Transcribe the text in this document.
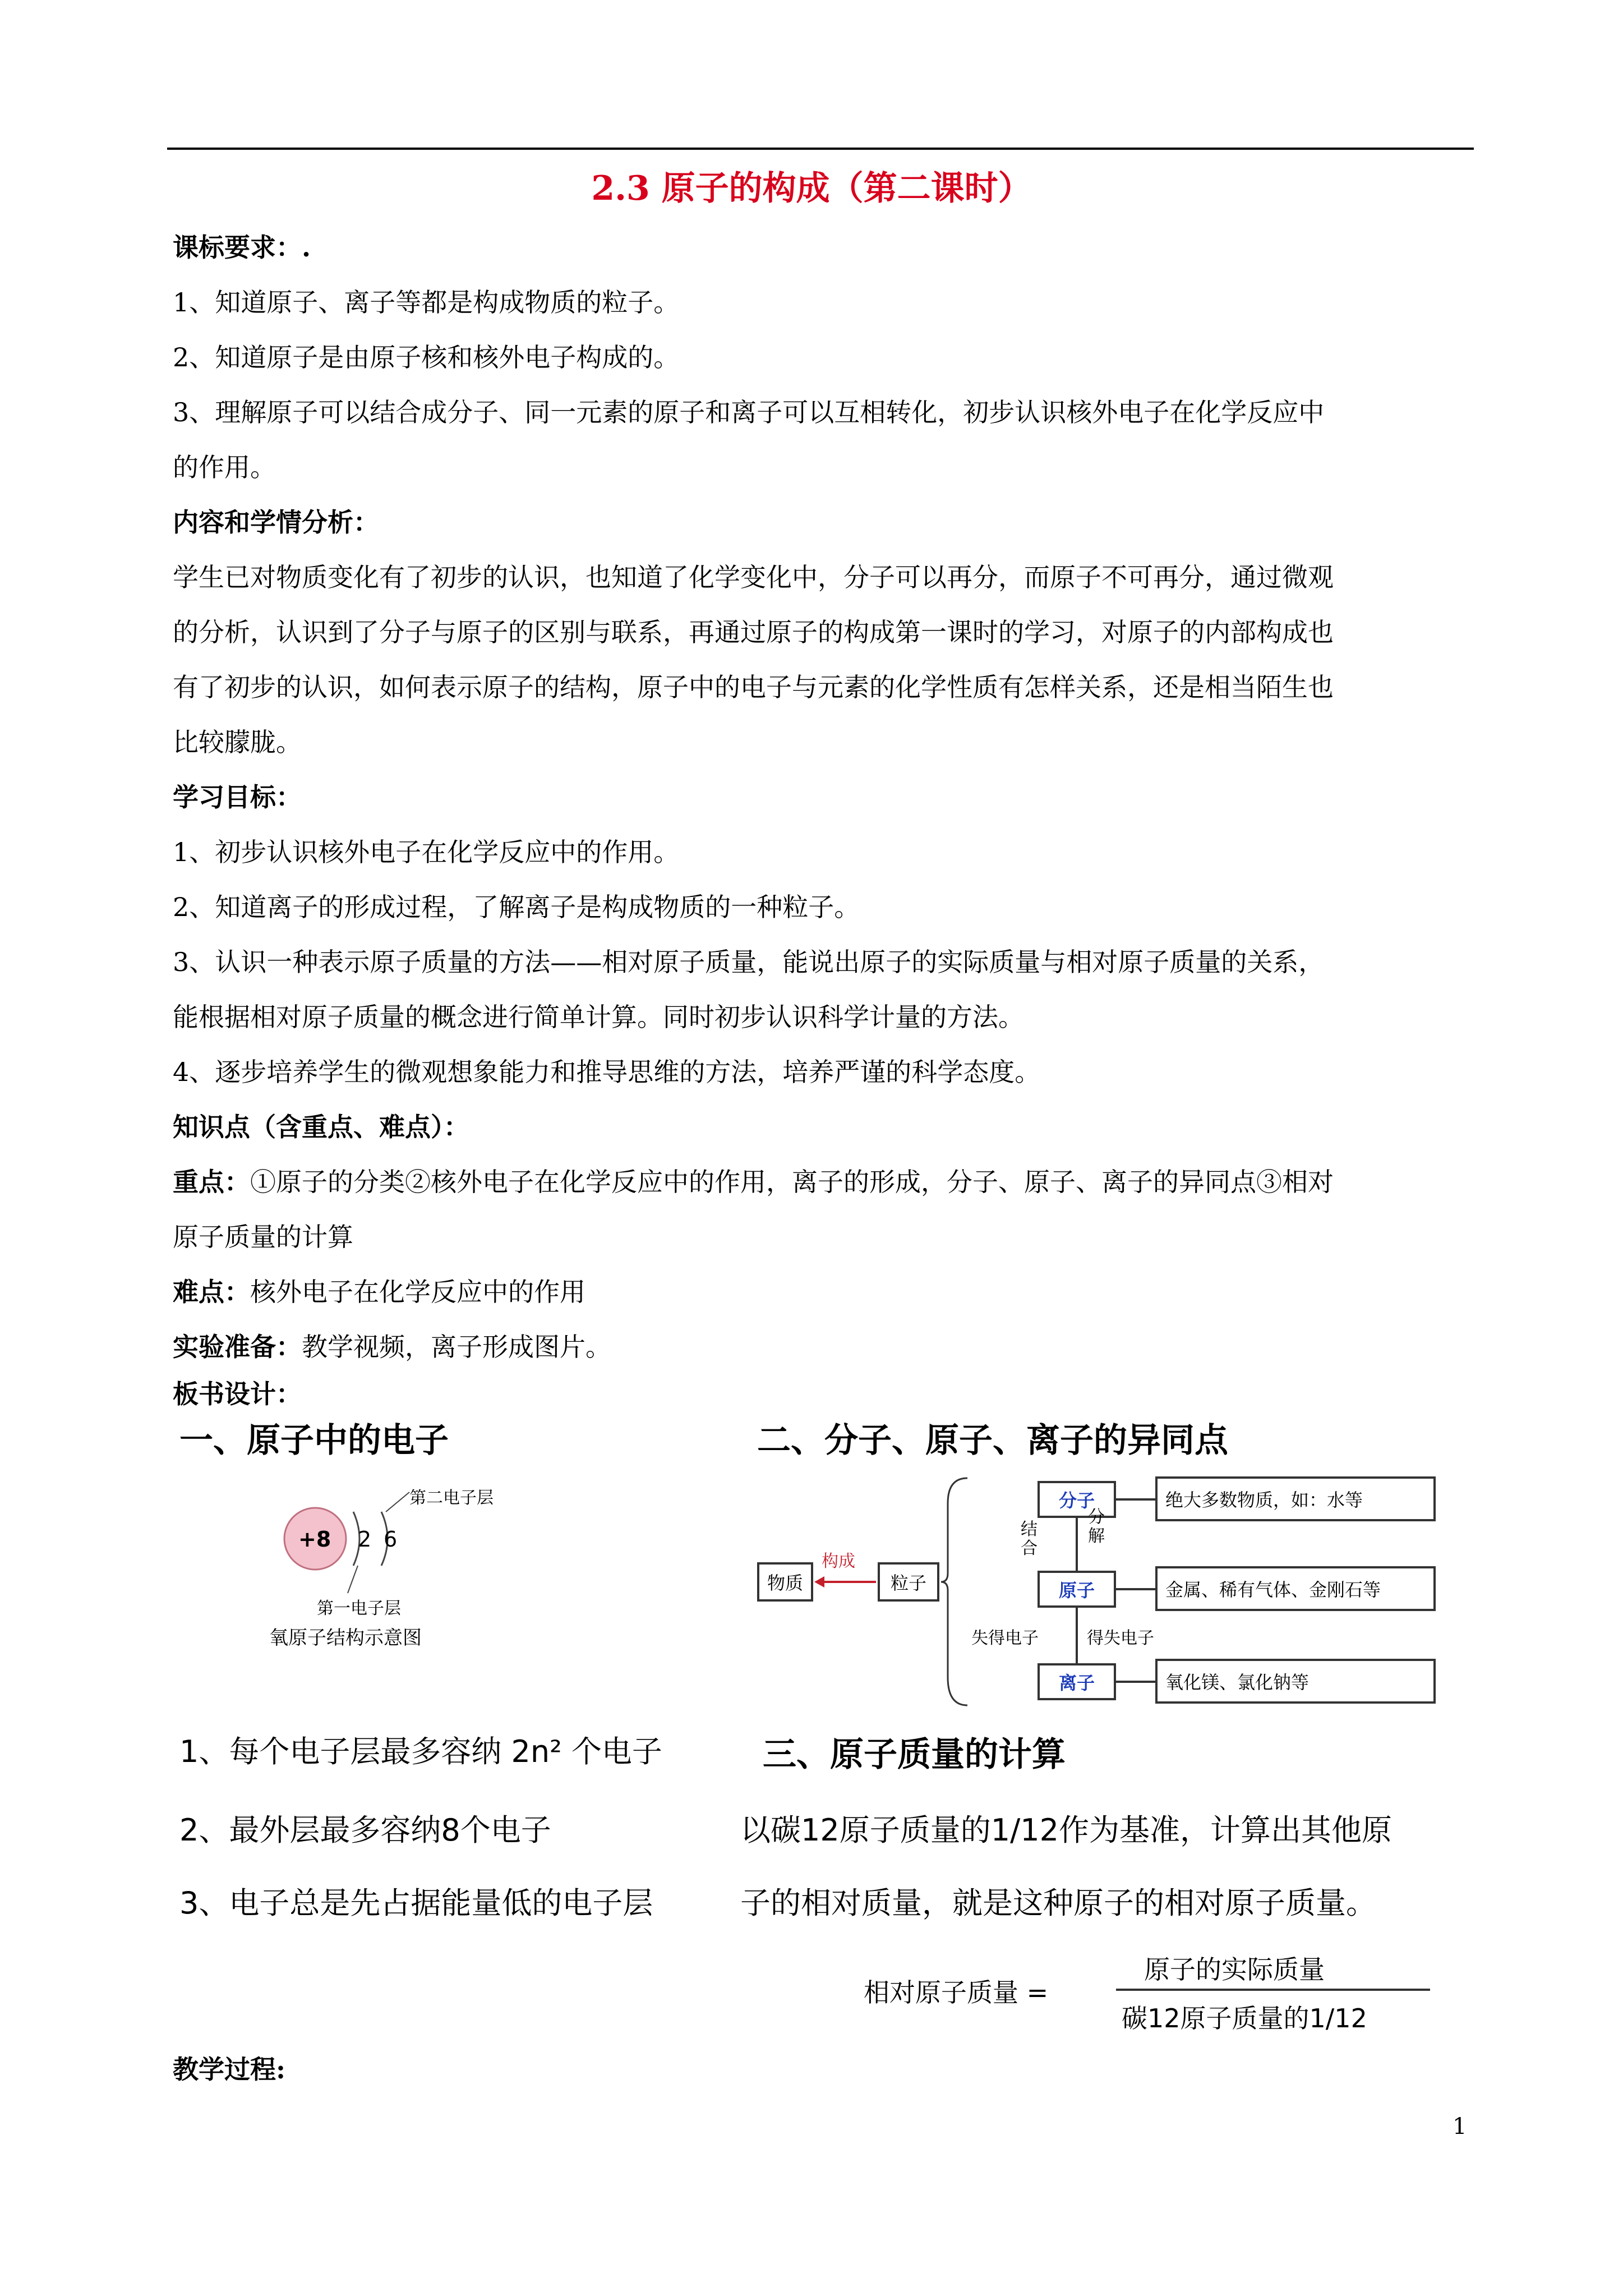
2.3 原子的构成（第二课时）

课标要求：.

1、知道原子、离子等都是构成物质的粒子。

2、知道原子是由原子核和核外电子构成的。

3、理解原子可以结合成分子、同一元素的原子和离子可以互相转化，初步认识核外电子在化学反应中

的作用。

内容和学情分析：

学生已对物质变化有了初步的认识，也知道了化学变化中，分子可以再分，而原子不可再分，通过微观

的分析，认识到了分子与原子的区别与联系，再通过原子的构成第一课时的学习，对原子的内部构成也

有了初步的认识，如何表示原子的结构，原子中的电子与元素的化学性质有怎样关系，还是相当陌生也

比较朦胧。

学习目标：

1、初步认识核外电子在化学反应中的作用。

2、知道离子的形成过程，了解离子是构成物质的一种粒子。

3、认识一种表示原子质量的方法——相对原子质量，能说出原子的实际质量与相对原子质量的关系，

能根据相对原子质量的概念进行简单计算。同时初步认识科学计量的方法。

4、逐步培养学生的微观想象能力和推导思维的方法，培养严谨的科学态度。

知识点（含重点、难点）：

重点：①原子的分类②核外电子在化学反应中的作用，离子的形成，分子、原子、离子的异同点③相对

原子质量的计算

难点：核外电子在化学反应中的作用

实验准备：教学视频，离子形成图片。

板书设计：

一、原子中的电子
+8 2 6
第二电子层
第一电子层
氧原子结构示意图
1、每个电子层最多容纳 2n² 个电子
2、最外层最多容纳8个电子
3、电子总是先占据能量低的电子层
二、分子、原子、离子的异同点
物质	粒子
构成
分子
原子
离子
结合
分解
失得电子	得失电子
绝大多数物质，如：水等
金属、稀有气体、金刚石等
氧化镁、氯化钠等
三、原子质量的计算
以碳12原子质量的1/12作为基准，计算出其他原
子的相对质量，就是这种原子的相对原子质量。
相对原子质量 =
原子的实际质量
碳12原子质量的1/12

教学过程:

1
